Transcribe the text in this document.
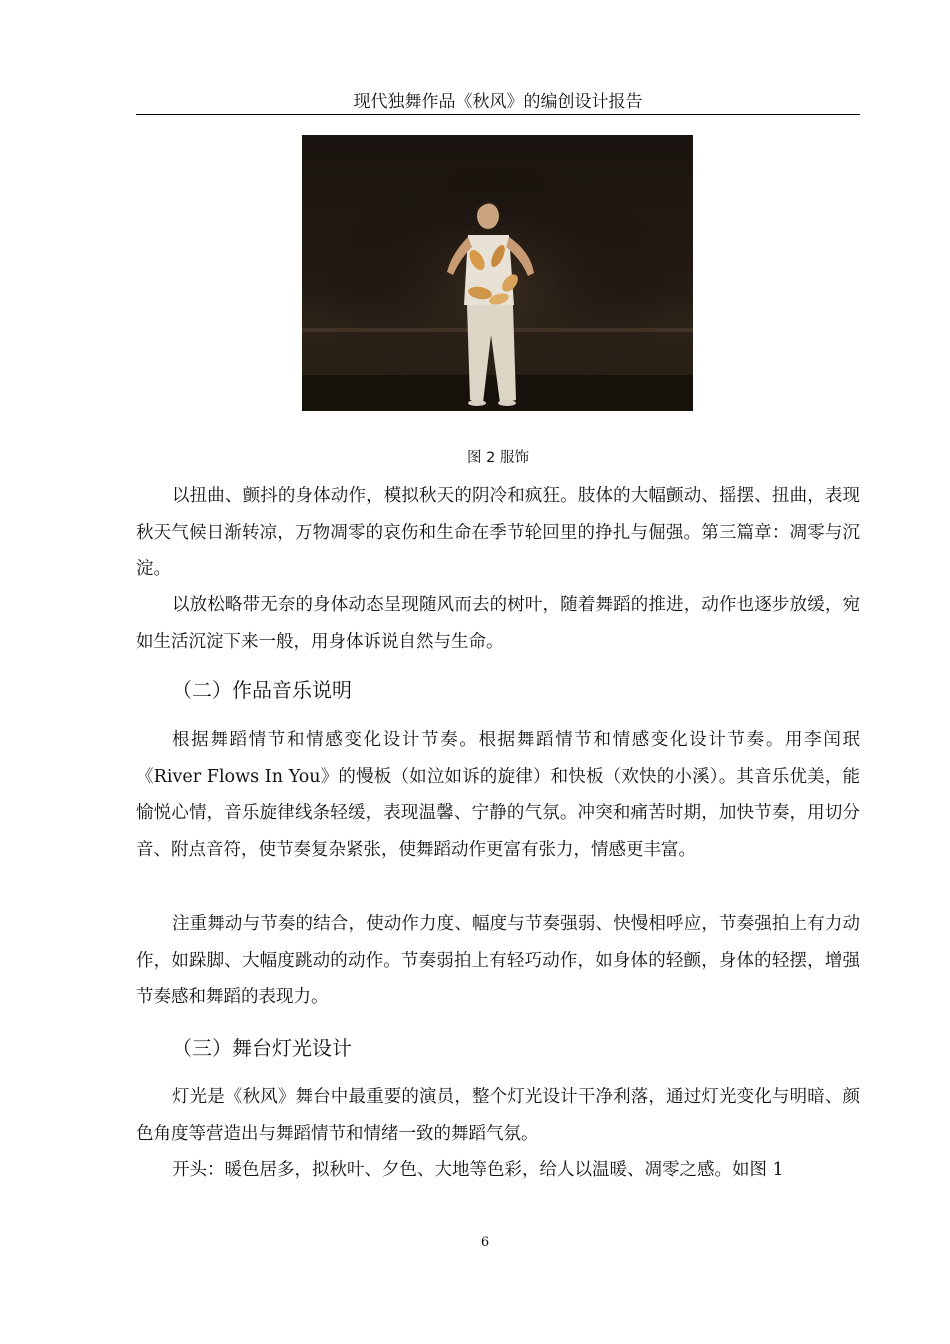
现代独舞作品《秋风》的编创设计报告
图 2 服饰

以扭曲、颤抖的身体动作，模拟秋天的阴冷和疯狂。肢体的大幅颤动、摇摆、扭曲，表现秋天气候日渐转凉，万物凋零的哀伤和生命在季节轮回里的挣扎与倔强。第三篇章：凋零与沉淀。

以放松略带无奈的身体动态呈现随风而去的树叶，随着舞蹈的推进，动作也逐步放缓，宛如生活沉淀下来一般，用身体诉说自然与生命。

（二）作品音乐说明

根据舞蹈情节和情感变化设计节奏。根据舞蹈情节和情感变化设计节奏。用李闰珉《River Flows In You》的慢板（如泣如诉的旋律）和快板（欢快的小溪）。其音乐优美，能愉悦心情，音乐旋律线条轻缓，表现温馨、宁静的气氛。冲突和痛苦时期，加快节奏，用切分音、附点音符，使节奏复杂紧张，使舞蹈动作更富有张力，情感更丰富。

注重舞动与节奏的结合，使动作力度、幅度与节奏强弱、快慢相呼应，节奏强拍上有力动作，如跺脚、大幅度跳动的动作。节奏弱拍上有轻巧动作，如身体的轻颤，身体的轻摆，增强节奏感和舞蹈的表现力。

（三）舞台灯光设计

灯光是《秋风》舞台中最重要的演员，整个灯光设计干净利落，通过灯光变化与明暗、颜色角度等营造出与舞蹈情节和情绪一致的舞蹈气氛。

开头：暖色居多，拟秋叶、夕色、大地等色彩，给人以温暖、凋零之感。如图 1

6
